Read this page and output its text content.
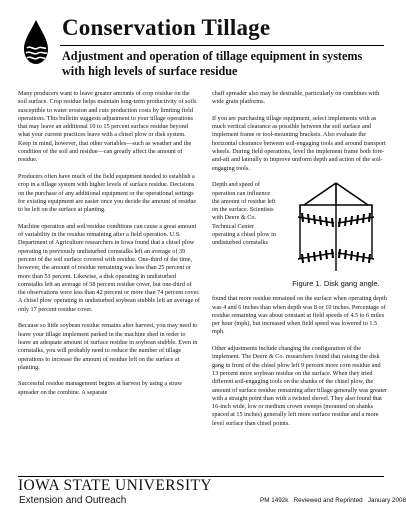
Conservation Tillage
Adjustment and operation of tillage equipment in systems with high levels of surface residue

Many producers want to leave greater amounts of crop residue on the soil surface. Crop residue helps maintain long-term productivity of soils susceptible to water erosion and cuts production costs by limiting field operations. This bulletin suggests adjustment to your tillage operations that may leave an additional 10 to 15 percent surface residue beyond what your current practices leave with a chisel plow or disk system. Keep in mind, however, that other variables—such as weather and the condition of the soil and residue—can greatly affect the amount of residue.

Producers often have much of the field equipment needed to establish a crop in a tillage system with higher levels of surface residue. Decisions on the purchase of any additional equipment or the operational settings for existing equipment are easier once you decide the amount of residue to be left on the surface at planting.

Machine operation and soil/residue conditions can cause a great amount of variability in the residue remaining after a field operation. U.S. Department of Agriculture researchers in Iowa found that a chisel plow operating in previously undisturbed cornstalks left an average of 39 percent of the soil surface covered with residue. One-third of the time, however, the amount of residue remaining was less than 25 percent or more than 53 percent. Likewise, a disk operating in undisturbed cornstalks left an average of 58 percent residue cover, but one-third of the observations were less than 42 percent or more than 74 percent cover. A chisel plow operating in undisturbed soybean stubble left an average of only 17 percent residue cover.

Because so little soybean residue remains after harvest, you may need to leave your tillage implement parked in the machine shed in order to leave an adequate amount of surface residue in soybean stubble. Even in cornstalks, you will probably need to reduce the number of tillage operations to increase the amount of residue left on the surface at planting.

Successful residue management begins at harvest by using a straw spreader on the combine. A separate

chaff spreader also may be desirable, particularly on combines with wide grain platforms.

If you are purchasing tillage equipment, select implements with as much vertical clearance as possible between the soil surface and implement frame or tool-mounting brackets. Also evaluate the horizontal clearance between soil-engaging tools and around transport wheels. During field operations, level the implement frame both fore-and-aft and laterally to improve uniform depth and action of the soil-engaging tools.

Depth and speed of operation can influence the amount of residue left on the surface. Scientists with Deere & Co. Technical Center operating a chisel plow in undisturbed cornstalks
Figure 1. Disk gang angle.

found that more residue remained on the surface when operating depth was 4 and 6 inches than when depth was 8 or 10 inches. Percentage of residue remaining was about constant at field speeds of 4.5 to 6 miles per hour (mph), but increased when field speed was lowered to 1.5 mph.

Other adjustments include changing the configuration of the implement. The Deere & Co. researchers found that raising the disk gang in front of the chisel plow left 9 percent more corn residue and 13 percent more soybean residue on the surface. When they tried different soil-engaging tools on the shanks of the chisel plow, the amount of surface residue remaining after tillage generally was greater with a straight point than with a twisted shovel. They also found that 16-inch wide, low or medium crown sweeps (mounted on shanks spaced at 15 inches) generally left more surface residue and a more level surface than chisel points.

IOWA STATE UNIVERSITY
Extension and Outreach	PM 1492k Reviewed and Reprinted January 2008
